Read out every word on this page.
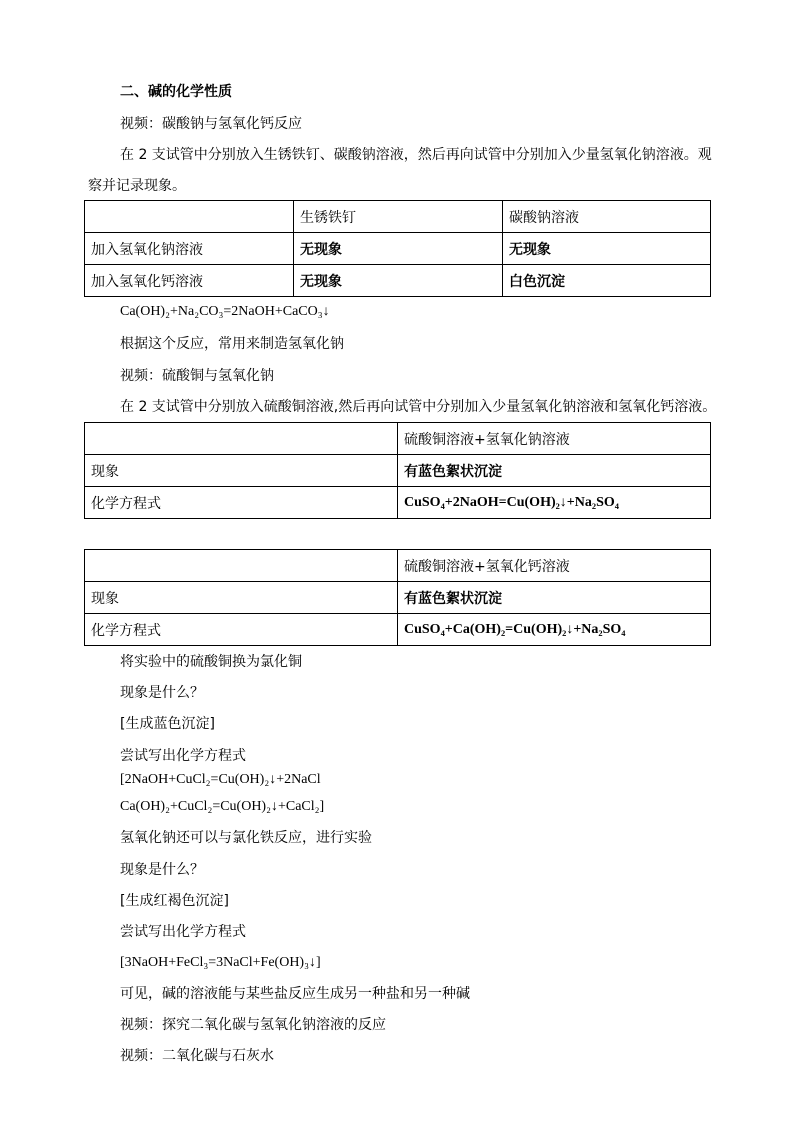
二、碱的化学性质
视频：碳酸钠与氢氧化钙反应
在 2 支试管中分别放入生锈铁钉、碳酸钠溶液，然后再向试管中分别加入少量氢氧化钠溶液。观
察并记录现象。
	生锈铁钉	碳酸钠溶液
加入氢氧化钠溶液	无现象	无现象
加入氢氧化钙溶液	无现象	白色沉淀
Ca(OH)₂+Na₂CO₃=2NaOH+CaCO₃↓
根据这个反应，常用来制造氢氧化钠
视频：硫酸铜与氢氧化钠
在 2 支试管中分别放入硫酸铜溶液,然后再向试管中分别加入少量氢氧化钠溶液和氢氧化钙溶液。
	硫酸铜溶液+氢氧化钠溶液
现象	有蓝色絮状沉淀
化学方程式	CuSO₄+2NaOH=Cu(OH)₂↓+Na₂SO₄
	硫酸铜溶液+氢氧化钙溶液
现象	有蓝色絮状沉淀
化学方程式	CuSO₄+Ca(OH)₂=Cu(OH)₂↓+Na₂SO₄
将实验中的硫酸铜换为氯化铜
现象是什么？
[生成蓝色沉淀]
尝试写出化学方程式
[2NaOH+CuCl₂=Cu(OH)₂↓+2NaCl
Ca(OH)₂+CuCl₂=Cu(OH)₂↓+CaCl₂]
氢氧化钠还可以与氯化铁反应，进行实验
现象是什么？
[生成红褐色沉淀]
尝试写出化学方程式
[3NaOH+FeCl₃=3NaCl+Fe(OH)₃↓]
可见，碱的溶液能与某些盐反应生成另一种盐和另一种碱
视频：探究二氧化碳与氢氧化钠溶液的反应
视频：二氧化碳与石灰水
